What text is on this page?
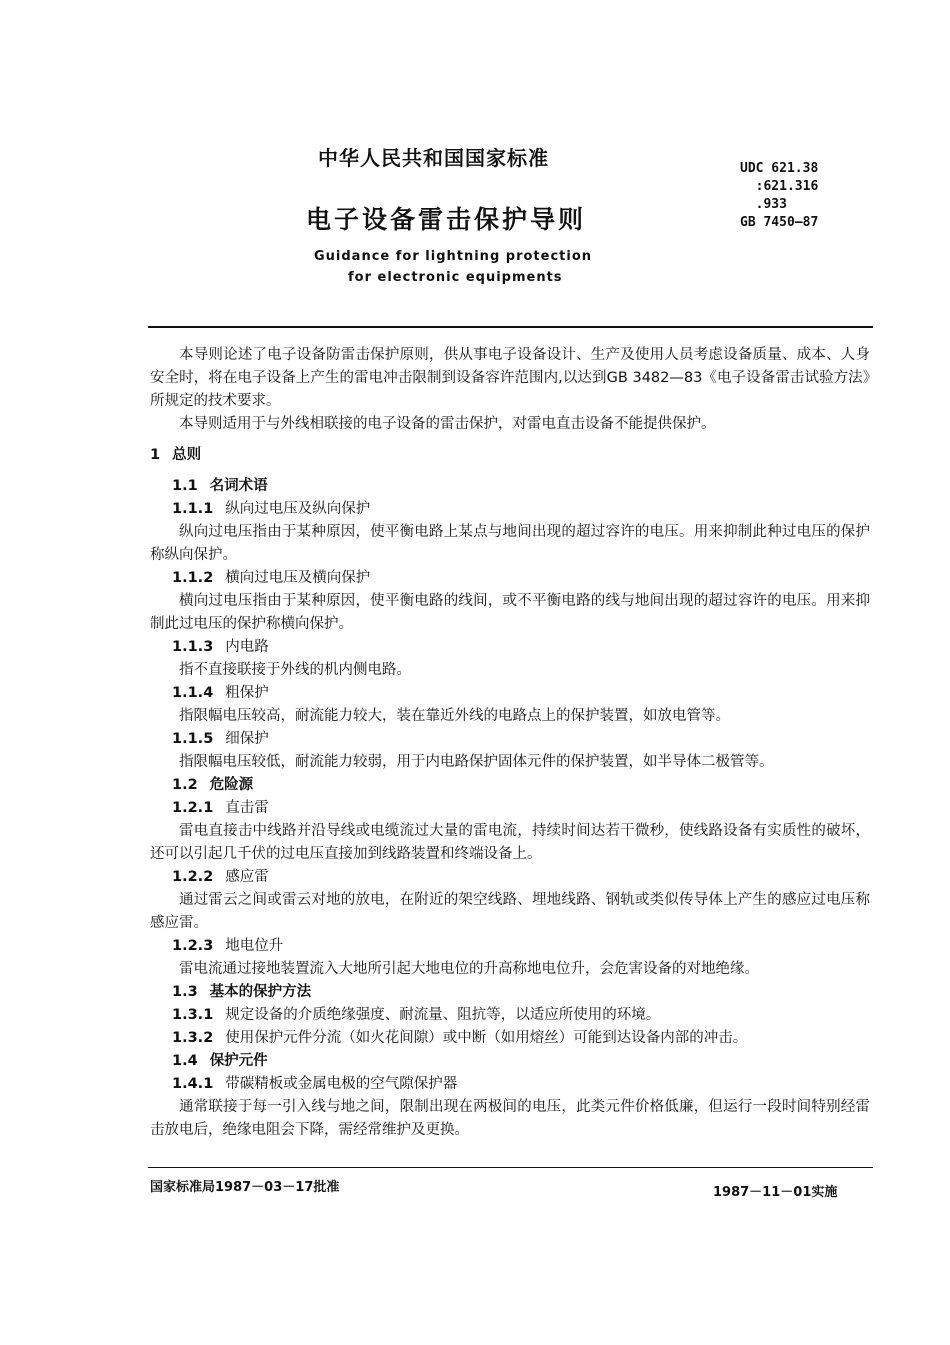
中华人民共和国国家标准
电子设备雷击保护导则
Guidance for lightning protection
for electronic equipments
UDC 621.38
:621.316
.933
GB 7450—87

本导则论述了电子设备防雷击保护原则，供从事电子设备设计、生产及使用人员考虑设备质量、成本、人身安全时，将在电子设备上产生的雷电冲击限制到设备容许范围内,以达到GB 3482—83《电子设备雷击试验方法》所规定的技术要求。

本导则适用于与外线相联接的电子设备的雷击保护，对雷电直击设备不能提供保护。

1 总则

1.1 名词术语

1.1.1 纵向过电压及纵向保护

纵向过电压指由于某种原因，使平衡电路上某点与地间出现的超过容许的电压。用来抑制此种过电压的保护称纵向保护。

1.1.2 横向过电压及横向保护

横向过电压指由于某种原因，使平衡电路的线间，或不平衡电路的线与地间出现的超过容许的电压。用来抑制此过电压的保护称横向保护。

1.1.3 内电路

指不直接联接于外线的机内侧电路。

1.1.4 粗保护

指限幅电压较高，耐流能力较大，装在靠近外线的电路点上的保护装置，如放电管等。

1.1.5 细保护

指限幅电压较低，耐流能力较弱，用于内电路保护固体元件的保护装置，如半导体二极管等。

1.2 危险源

1.2.1 直击雷

雷电直接击中线路并沿导线或电缆流过大量的雷电流，持续时间达若干微秒，使线路设备有实质性的破坏，还可以引起几千伏的过电压直接加到线路装置和终端设备上。

1.2.2 感应雷

通过雷云之间或雷云对地的放电，在附近的架空线路、埋地线路、钢轨或类似传导体上产生的感应过电压称感应雷。

1.2.3 地电位升

雷电流通过接地装置流入大地所引起大地电位的升高称地电位升，会危害设备的对地绝缘。

1.3 基本的保护方法

1.3.1 规定设备的介质绝缘强度、耐流量、阻抗等，以适应所使用的环境。

1.3.2 使用保护元件分流（如火花间隙）或中断（如用熔丝）可能到达设备内部的冲击。

1.4 保护元件

1.4.1 带碳精板或金属电极的空气隙保护器

通常联接于每一引入线与地之间，限制出现在两极间的电压，此类元件价格低廉，但运行一段时间特别经雷击放电后，绝缘电阻会下降，需经常维护及更换。

国家标准局1987－03－17批准	1987－11－01实施
